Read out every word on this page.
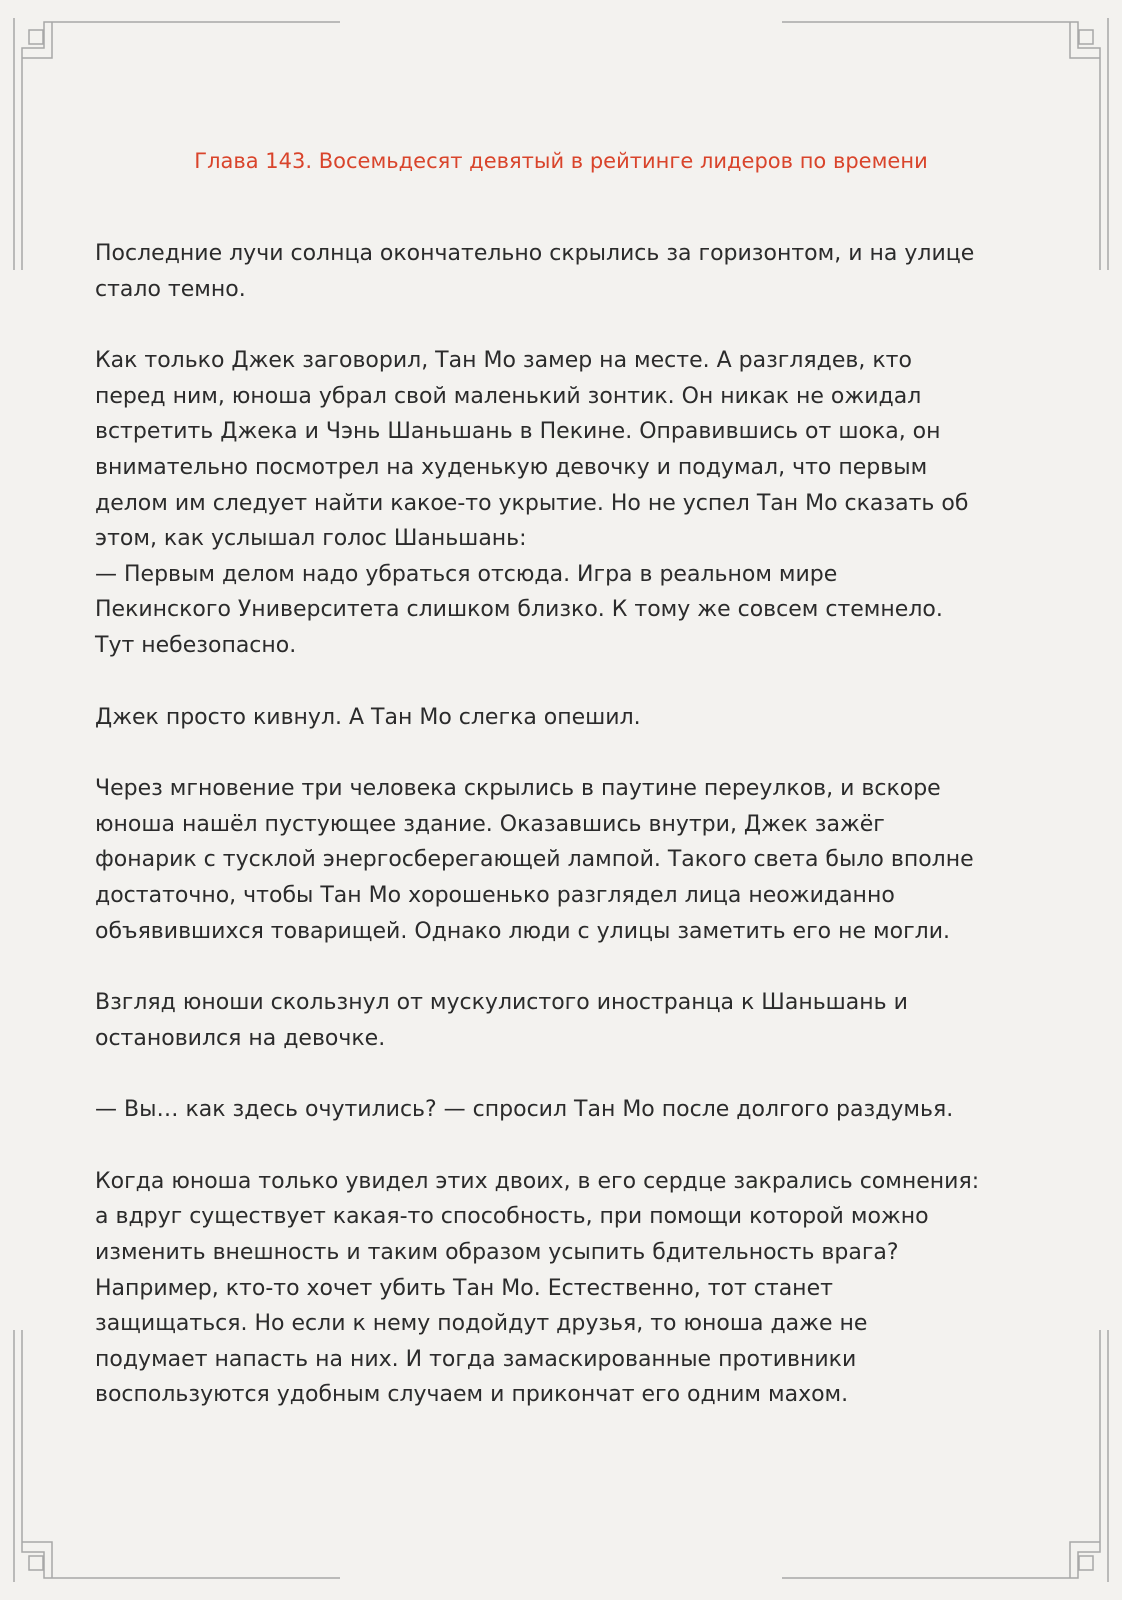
Глава 143. Восемьдесят девятый в рейтинге лидеров по времени

Последние лучи солнца окончательно скрылись за горизонтом, и на улице
стало темно.

Как только Джек заговорил, Тан Мо замер на месте. А разглядев, кто
перед ним, юноша убрал свой маленький зонтик. Он никак не ожидал
встретить Джека и Чэнь Шаньшань в Пекине. Оправившись от шока, он
внимательно посмотрел на худенькую девочку и подумал, что первым
делом им следует найти какое-то укрытие. Но не успел Тан Мо сказать об
этом, как услышал голос Шаньшань:
— Первым делом надо убраться отсюда. Игра в реальном мире
Пекинского Университета слишком близко. К тому же совсем стемнело.
Тут небезопасно.

Джек просто кивнул. А Тан Мо слегка опешил.

Через мгновение три человека скрылись в паутине переулков, и вскоре
юноша нашёл пустующее здание. Оказавшись внутри, Джек зажёг
фонарик с тусклой энергосберегающей лампой. Такого света было вполне
достаточно, чтобы Тан Мо хорошенько разглядел лица неожиданно
объявившихся товарищей. Однако люди с улицы заметить его не могли.

Взгляд юноши скользнул от мускулистого иностранца к Шаньшань и
остановился на девочке.

— Вы… как здесь очутились? — спросил Тан Мо после долгого раздумья.

Когда юноша только увидел этих двоих, в его сердце закрались сомнения:
а вдруг существует какая-то способность, при помощи которой можно
изменить внешность и таким образом усыпить бдительность врага?
Например, кто-то хочет убить Тан Мо. Естественно, тот станет
защищаться. Но если к нему подойдут друзья, то юноша даже не
подумает напасть на них. И тогда замаскированные противники
воспользуются удобным случаем и прикончат его одним махом.
